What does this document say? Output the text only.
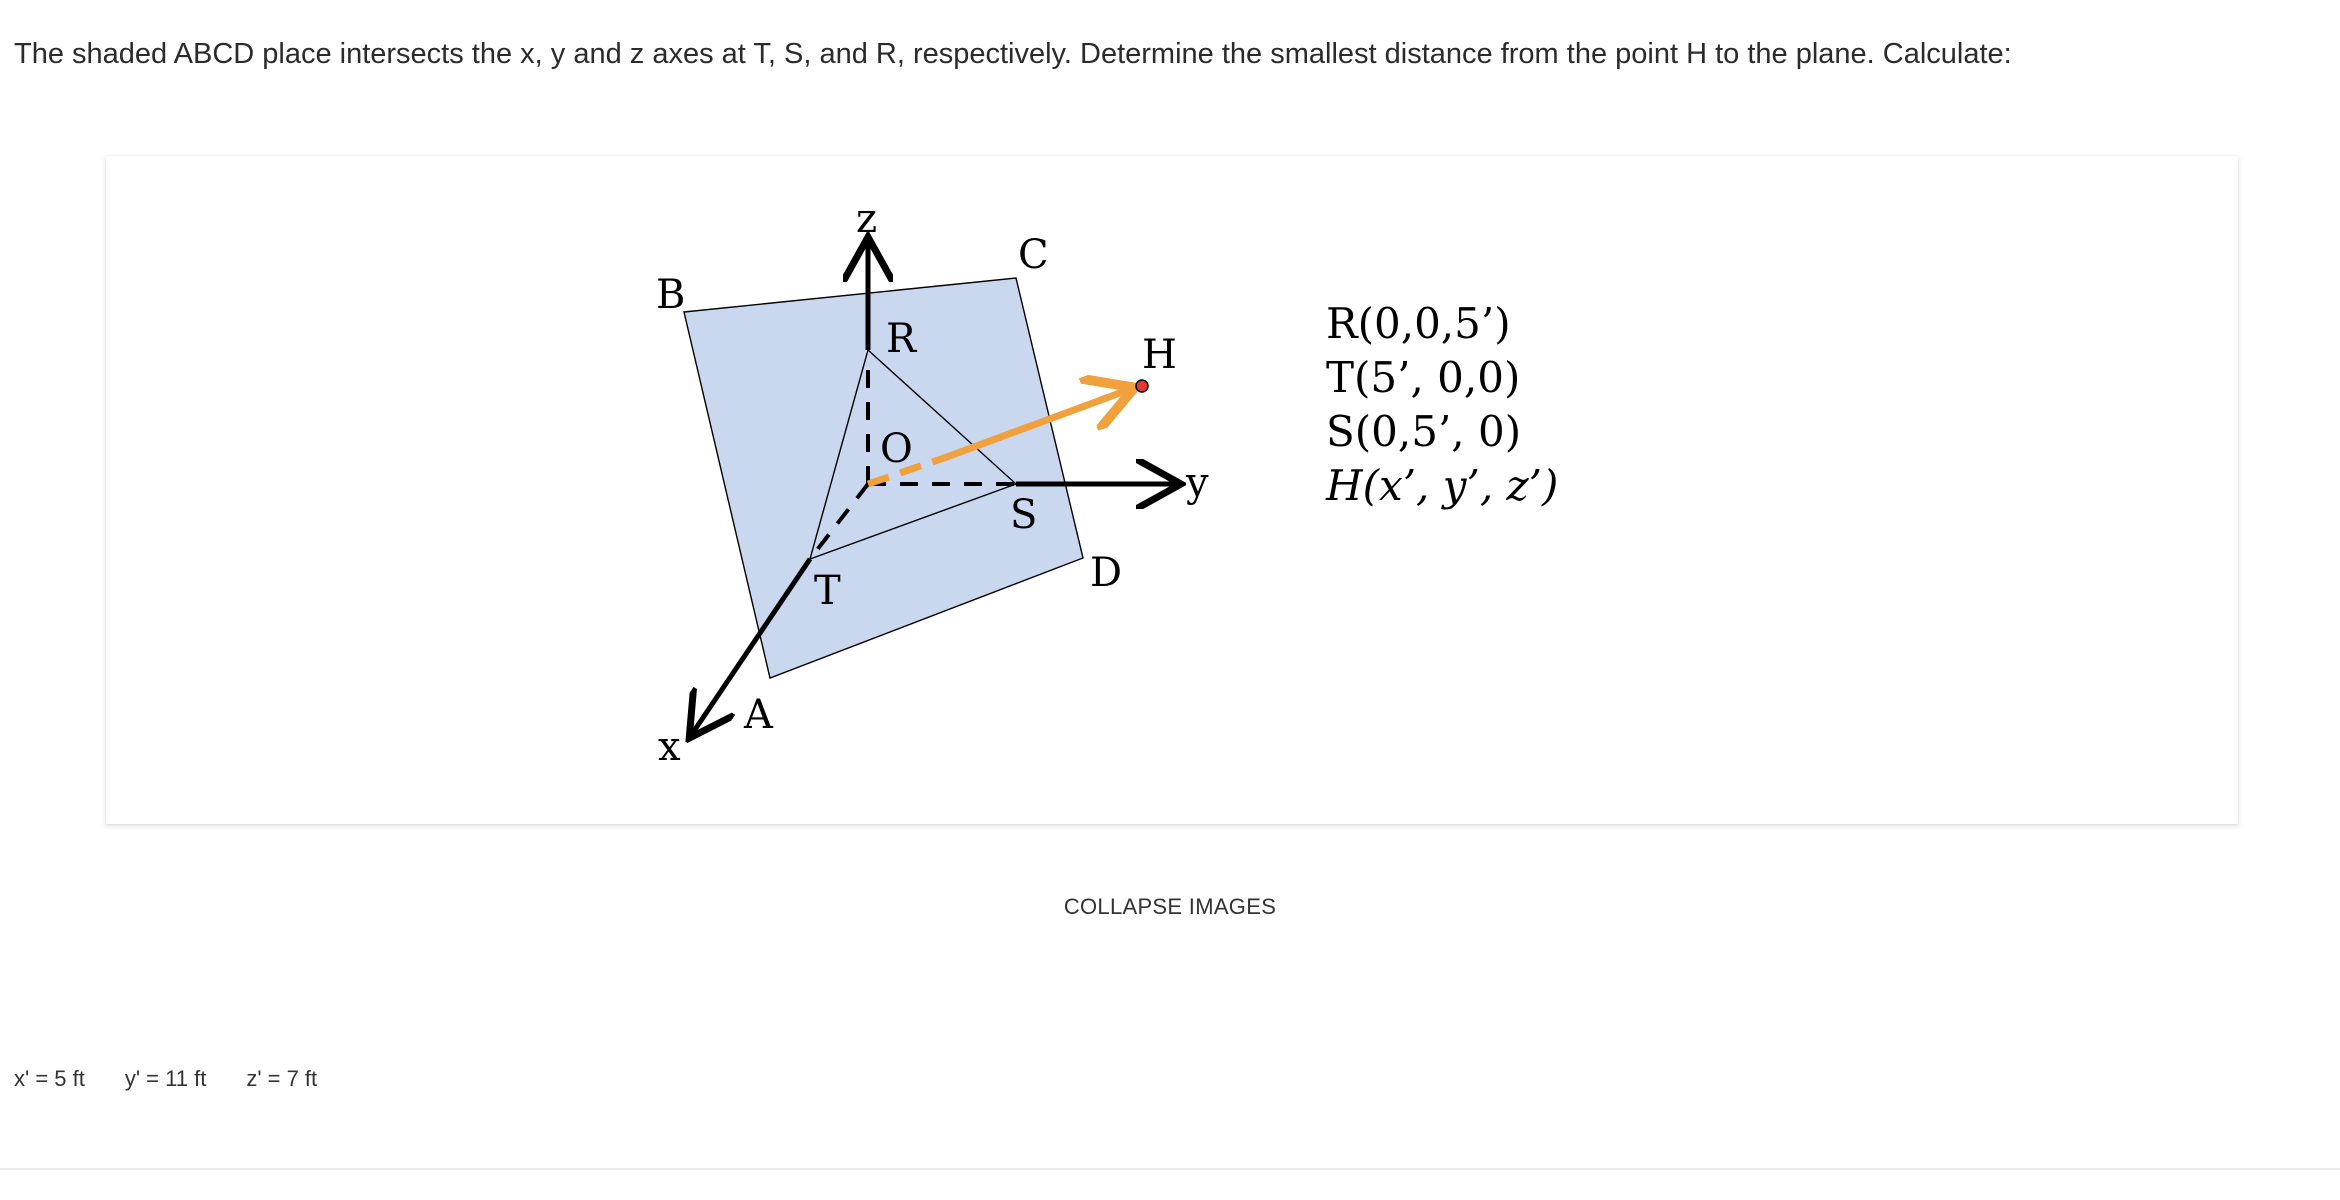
The shaded ABCD place intersects the x, y and z axes at T, S, and R, respectively. Determine the smallest distance from the point H to the plane. Calculate:
z
C
B
R	H
O
y
S
D
T
A
x
R(0,0,5’)
T(5’, 0,0)
S(0,5’, 0)
H(x’, y’, z’)
COLLAPSE IMAGES
x' = 5 ft y' = 11 ft z' = 7 ft
